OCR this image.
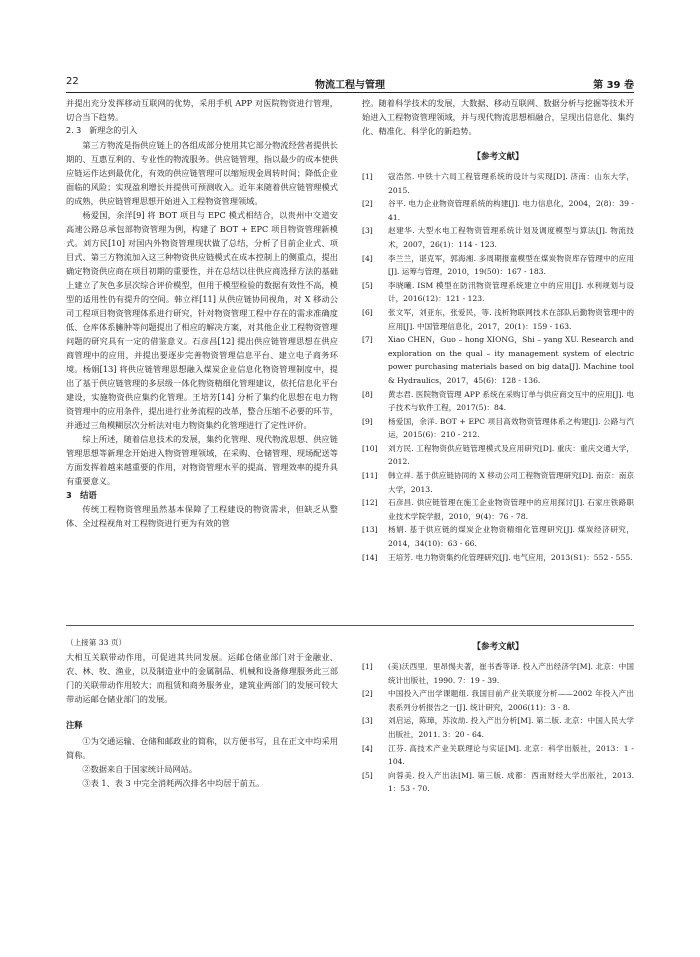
22	物流工程与管理	第 39 卷

并提出充分发挥移动互联网的优势，采用手机 APP 对医院物资进行管理，切合当下趋势。

2. 3　新理念的引入

第三方物流是指供应链上的各组成部分使用其它部分物流经营者提供长期的、互惠互利的、专业性的物流服务。供应链管理，指以最少的成本使供应链运作达到最优化，有效的供应链管理可以缩短现金周转时间；降低企业面临的风险；实现盈利增长并提供可预测收入。近年来随着供应链管理模式的成熟，供应链管理思想开始进入工程物资管理领域。

杨爱国，余洋[9] 将 BOT 项目与 EPC 模式相结合，以贵州中交道安高速公路总承包部物资管理为例，构建了 BOT + EPC 项目物资管理新模式。刘方民[10] 对国内外物资管理现状做了总结，分析了目前企业式、项目式、第三方物流加入这三种物资供应链模式在成本控制上的侧重点，提出确定物资供应商在项目初期的重要性，并在总结以往供应商选择方法的基础上建立了灰色多层次综合评价模型，但用于模型检验的数据有效性不高，模型的适用性仍有提升的空间。韩立祥[11] 从供应链协同视角，对 X 移动公司工程项目物资管理体系进行研究，针对物资管理工程中存在的需求准确度低、仓库体系臃肿等问题提出了相应的解决方案，对其他企业工程物资管理问题的研究具有一定的借鉴意义。石彦昌[12] 提出供应链管理思想在供应商管理中的应用，并提出要逐步完善物资管理信息平台、建立电子商务环境。杨娟[13] 将供应链管理思想融入煤炭企业信息化物资管理制度中，提出了基于供应链管理的多层级一体化物资精细化管理建议，依托信息化平台建设，实施物资供应集约化管理。王培芳[14] 分析了集约化思想在电力物资管理中的应用条件，提出进行业务流程的改革，整合压缩不必要的环节，并通过三角模糊层次分析法对电力物资集约化管理进行了定性评价。

综上所述，随着信息技术的发展，集约化管理、现代物流思想、供应链管理思想等新理念开始进入物资管理领域，在采购、仓储管理、现场配送等方面发挥着越来越重要的作用，对物资管理水平的提高、管理效率的提升具有重要意义。

3　结语

传统工程物资管理虽然基本保障了工程建设的物资需求，但缺乏从整体、全过程视角对工程物资进行更为有效的管

控。随着科学技术的发展，大数据、移动互联网、数据分析与挖掘等技术开始进入工程物资管理领域，并与现代物流思想相融合，呈现出信息化、集约化、精准化、科学化的新趋势。

【参考文献】
[1]	寇浩然. 中铁十六局工程管理系统的设计与实现[D]. 济南：山东大学，2015.
[2]	谷平. 电力企业物资管理系统的构建[J]. 电力信息化，2004，2(8)：39 - 41.
[3]	赵建华. 大型水电工程物资管理系统计划及调度模型与算法[J]. 物流技术，2007，26(1)：114 - 123.
[4]	李兰兰，谌克军，郭海湘. 多周期报童模型在煤炭物资库存管理中的应用[J]. 运筹与管理，2010，19(50)：167 - 183.
[5]	李晓曦. ISM 模型在防汛物资管理系统建立中的应用[J]. 水利规划与设计，2016(12)：121 - 123.
[6]	张文军，刘亚东，张爱民，等. 浅析物联网技术在部队后勤物资管理中的应用[J]. 中国管理信息化，2017，20(1)：159 - 163.
[7]	Xiao CHEN，Guo – hong XIONG，Shi – yang XU. Research and exploration on the qual – ity management system of electric power purchasing materials based on big data[J]. Machine tool & Hydraulics，2017，45(6)：128 - 136.
[8]	黄志君. 医院物资管理 APP 系统在采购订单与供应商交互中的应用[J]. 电子技术与软件工程，2017(5)：84.
[9]	杨爱国，余洋. BOT + EPC 项目高效物资管理体系之构建[J]. 公路与汽运，2015(6)：210 - 212.
[10]	刘方民. 工程物资供应链管理模式及应用研究[D]. 重庆：重庆交通大学，2012.
[11]	韩立祥. 基于供应链协同的 X 移动公司工程物资管理研究[D]. 南京：南京大学，2013.
[12]	石彦昌. 供应链管理在施工企业物资管理中的应用探讨[J]. 石家庄铁路职业技术学院学报，2010，9(4)：76 - 78.
[13]	杨娟. 基于供应链的煤炭企业物资精细化管理研究[J]. 煤炭经济研究，2014，34(10)：63 - 66.
[14]	王培芳. 电力物资集约化管理研究[J]. 电气应用，2013(S1)：552 - 555.

（上接第 33 页）

大相互关联带动作用，可促进其共同发展。运邮仓储业部门对于金融业、农、林、牧、渔业，以及制造业中的金属制品、机械和设备修理服务此三部门的关联带动作用较大；而租赁和商务服务业，建筑业两部门的发展可较大带动运邮仓储业部门的发展。

注释

①为交通运输、仓储和邮政业的简称，以方便书写，且在正文中均采用简称。

②数据来自于国家统计局网站。

③表 1、表 3 中完全消耗两次排名中均居于前五。

【参考文献】
[1]	(美)沃西里．里昂惕夫著，崔书香等译. 投入产出经济学[M]. 北京：中国统计出版社，1990. 7：19 - 39.
[2]	中国投入产出学课题组. 我国目前产业关联度分析——2002 年投入产出表系列分析报告之一[J]. 统计研究，2006(11)：3 - 8.
[3]	刘启运，陈璋，苏汝劼. 投入产出分析[M]. 第二版. 北京：中国人民大学出版社，2011. 3：20 - 64.
[4]	江芬. 高技术产业关联理论与实证[M]. 北京：科学出版社，2013：1 - 104.
[5]	向蓉美. 投入产出法[M]. 第三版. 成都：西南财经大学出版社，2013. 1：53 - 70.
